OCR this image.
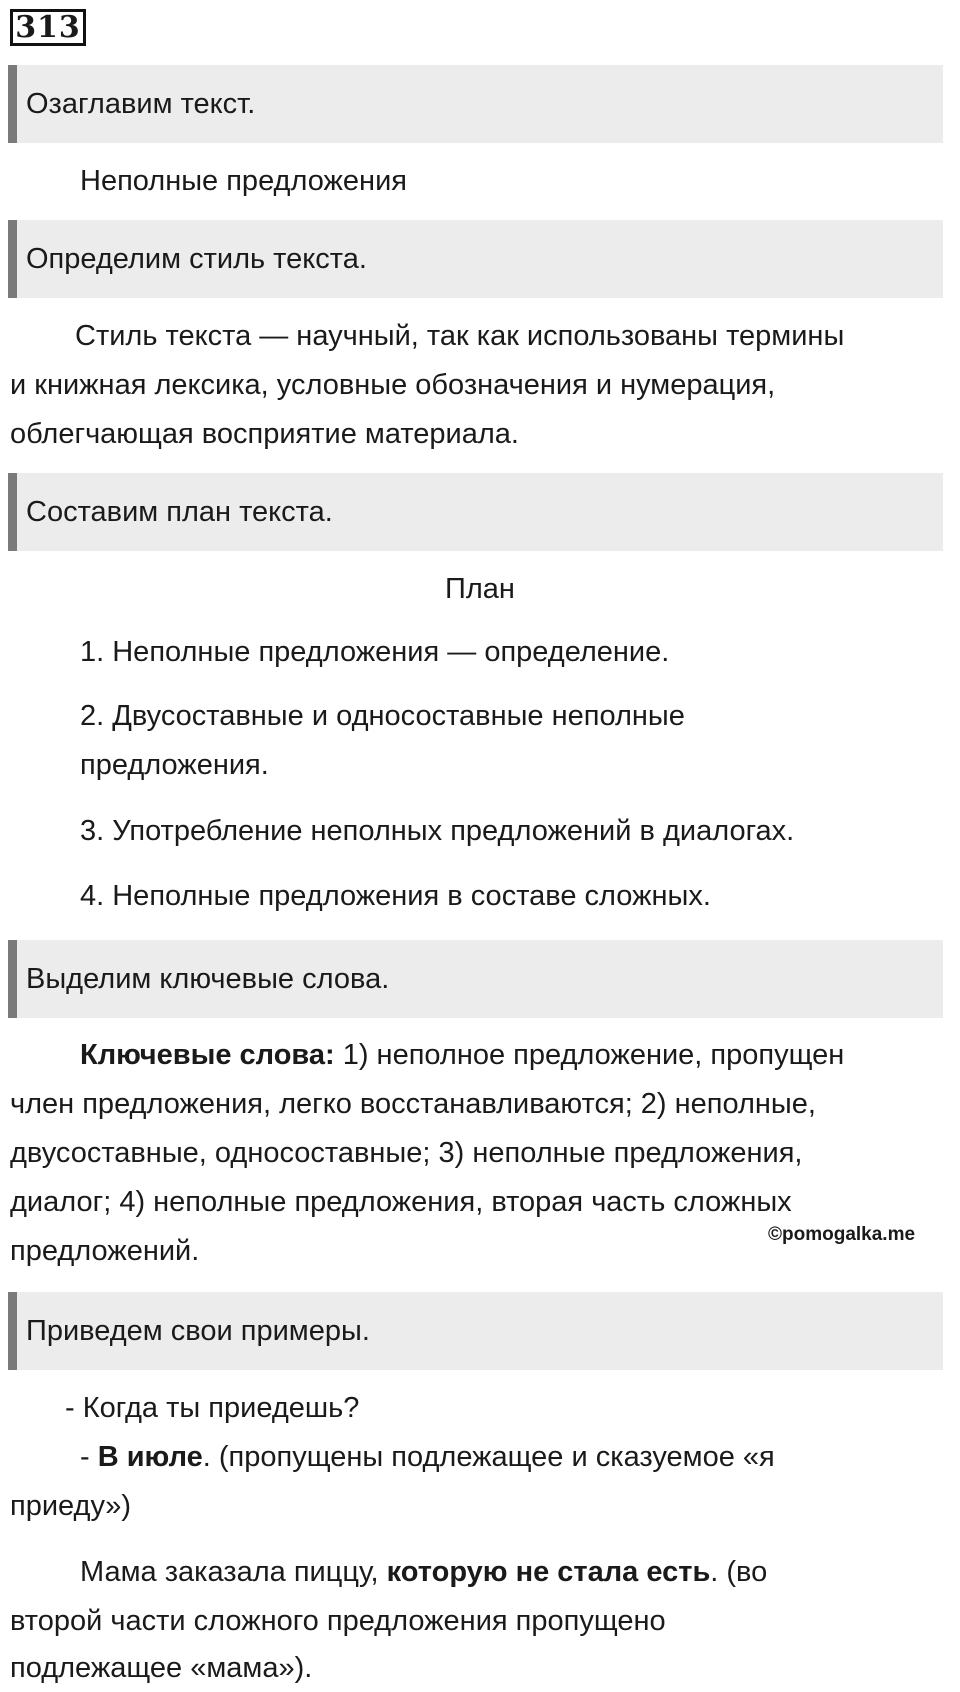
313
Озаглавим текст.
Неполные предложения
Определим стиль текста.
Стиль текста — научный, так как использованы термины
и книжная лексика, условные обозначения и нумерация,
облегчающая восприятие материала.
Составим план текста.
План
1. Неполные предложения — определение.
2. Двусоставные и односоставные неполные
предложения.
3. Употребление неполных предложений в диалогах.
4. Неполные предложения в составе сложных.
Выделим ключевые слова.
Ключевые слова: 1) неполное предложение, пропущен
член предложения, легко восстанавливаются; 2) неполные,
двусоставные, односоставные; 3) неполные предложения,
диалог; 4) неполные предложения, вторая часть сложных
предложений.
©pomogalka.me
Приведем свои примеры.
- Когда ты приедешь?
- В июле. (пропущены подлежащее и сказуемое «я
приеду»)
Мама заказала пиццу, которую не стала есть. (во
второй части сложного предложения пропущено
подлежащее «мама»).
